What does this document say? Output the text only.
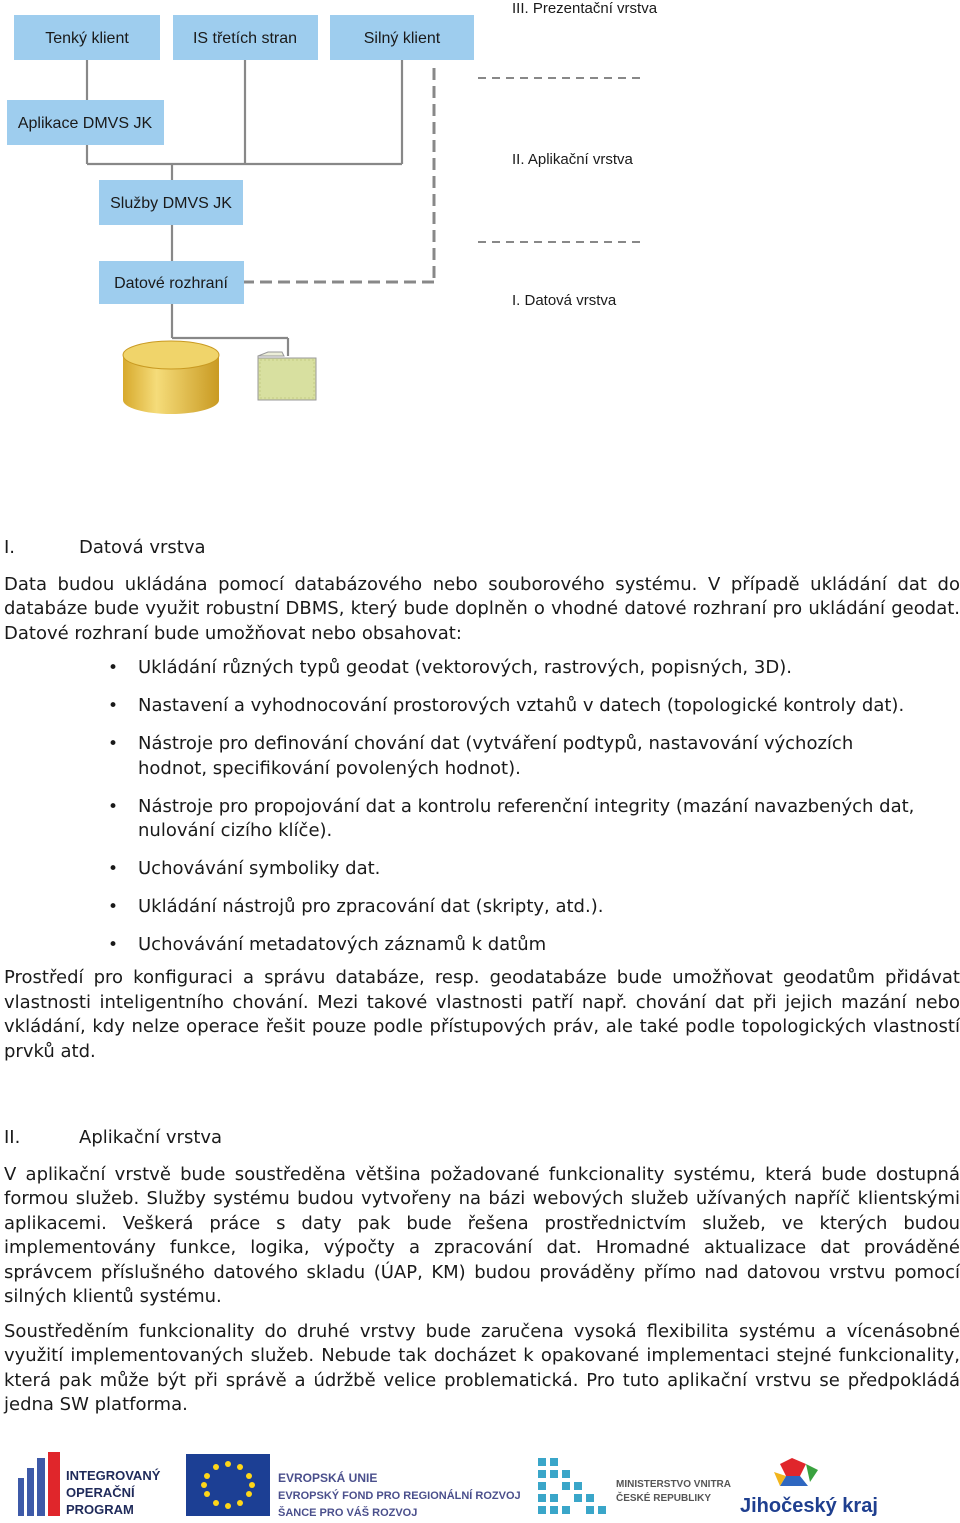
Tenký klient	IS třetích stran	Silný klient
Aplikace DMVS JK
Služby DMVS JK
Datové rozhraní
III. Prezentační vrstva
II. Aplikační vrstva
I. Datová vrstva
I.	Datová vrstva

Data budou ukládána pomocí databázového nebo souborového systému. V případě ukládání dat do databáze bude využit robustní DBMS, který bude doplněn o vhodné datové rozhraní pro ukládání geodat. Datové rozhraní bude umožňovat nebo obsahovat:

• Ukládání různých typů geodat (vektorových, rastrových, popisných, 3D).
• Nastavení a vyhodnocování prostorových vztahů v datech (topologické kontroly dat).
• Nástroje pro definování chování dat (vytváření podtypů, nastavování výchozích hodnot, specifikování povolených hodnot).
• Nástroje pro propojování dat a kontrolu referenční integrity (mazání navazbených dat, nulování cizího klíče).
• Uchovávání symboliky dat.
• Ukládání nástrojů pro zpracování dat (skripty, atd.).
• Uchovávání metadatových záznamů k datům

Prostředí pro konfiguraci a správu databáze, resp. geodatabáze bude umožňovat geodatům přidávat vlastnosti inteligentního chování. Mezi takové vlastnosti patří např. chování dat při jejich mazání nebo vkládání, kdy nelze operace řešit pouze podle přístupových práv, ale také podle topologických vlastností prvků atd.

II.	Aplikační vrstva

V aplikační vrstvě bude soustředěna většina požadované funkcionality systému, která bude dostupná formou služeb. Služby systému budou vytvořeny na bázi webových služeb užívaných napříč klientskými aplikacemi. Veškerá práce s daty pak bude řešena prostřednictvím služeb, ve kterých budou implementovány funkce, logika, výpočty a zpracování dat. Hromadné aktualizace dat prováděné správcem příslušného datového skladu (ÚAP, KM) budou prováděny přímo nad datovou vrstvu pomocí silných klientů systému.

Soustředěním funkcionality do druhé vrstvy bude zaručena vysoká flexibilita systému a vícenásobné využití implementovaných služeb. Nebude tak docházet k opakované implementaci stejné funkcionality, která pak může být při správě a údržbě velice problematická. Pro tuto aplikační vrstvu se předpokládá jedna SW platforma.

INTEGROVANÝ
OPERAČNÍ
PROGRAM
EVROPSKÁ UNIE
EVROPSKÝ FOND PRO REGIONÁLNÍ ROZVOJ
ŠANCE PRO VÁŠ ROZVOJ
MINISTERSTVO VNITRA
ČESKÉ REPUBLIKY Jihočeský kraj
